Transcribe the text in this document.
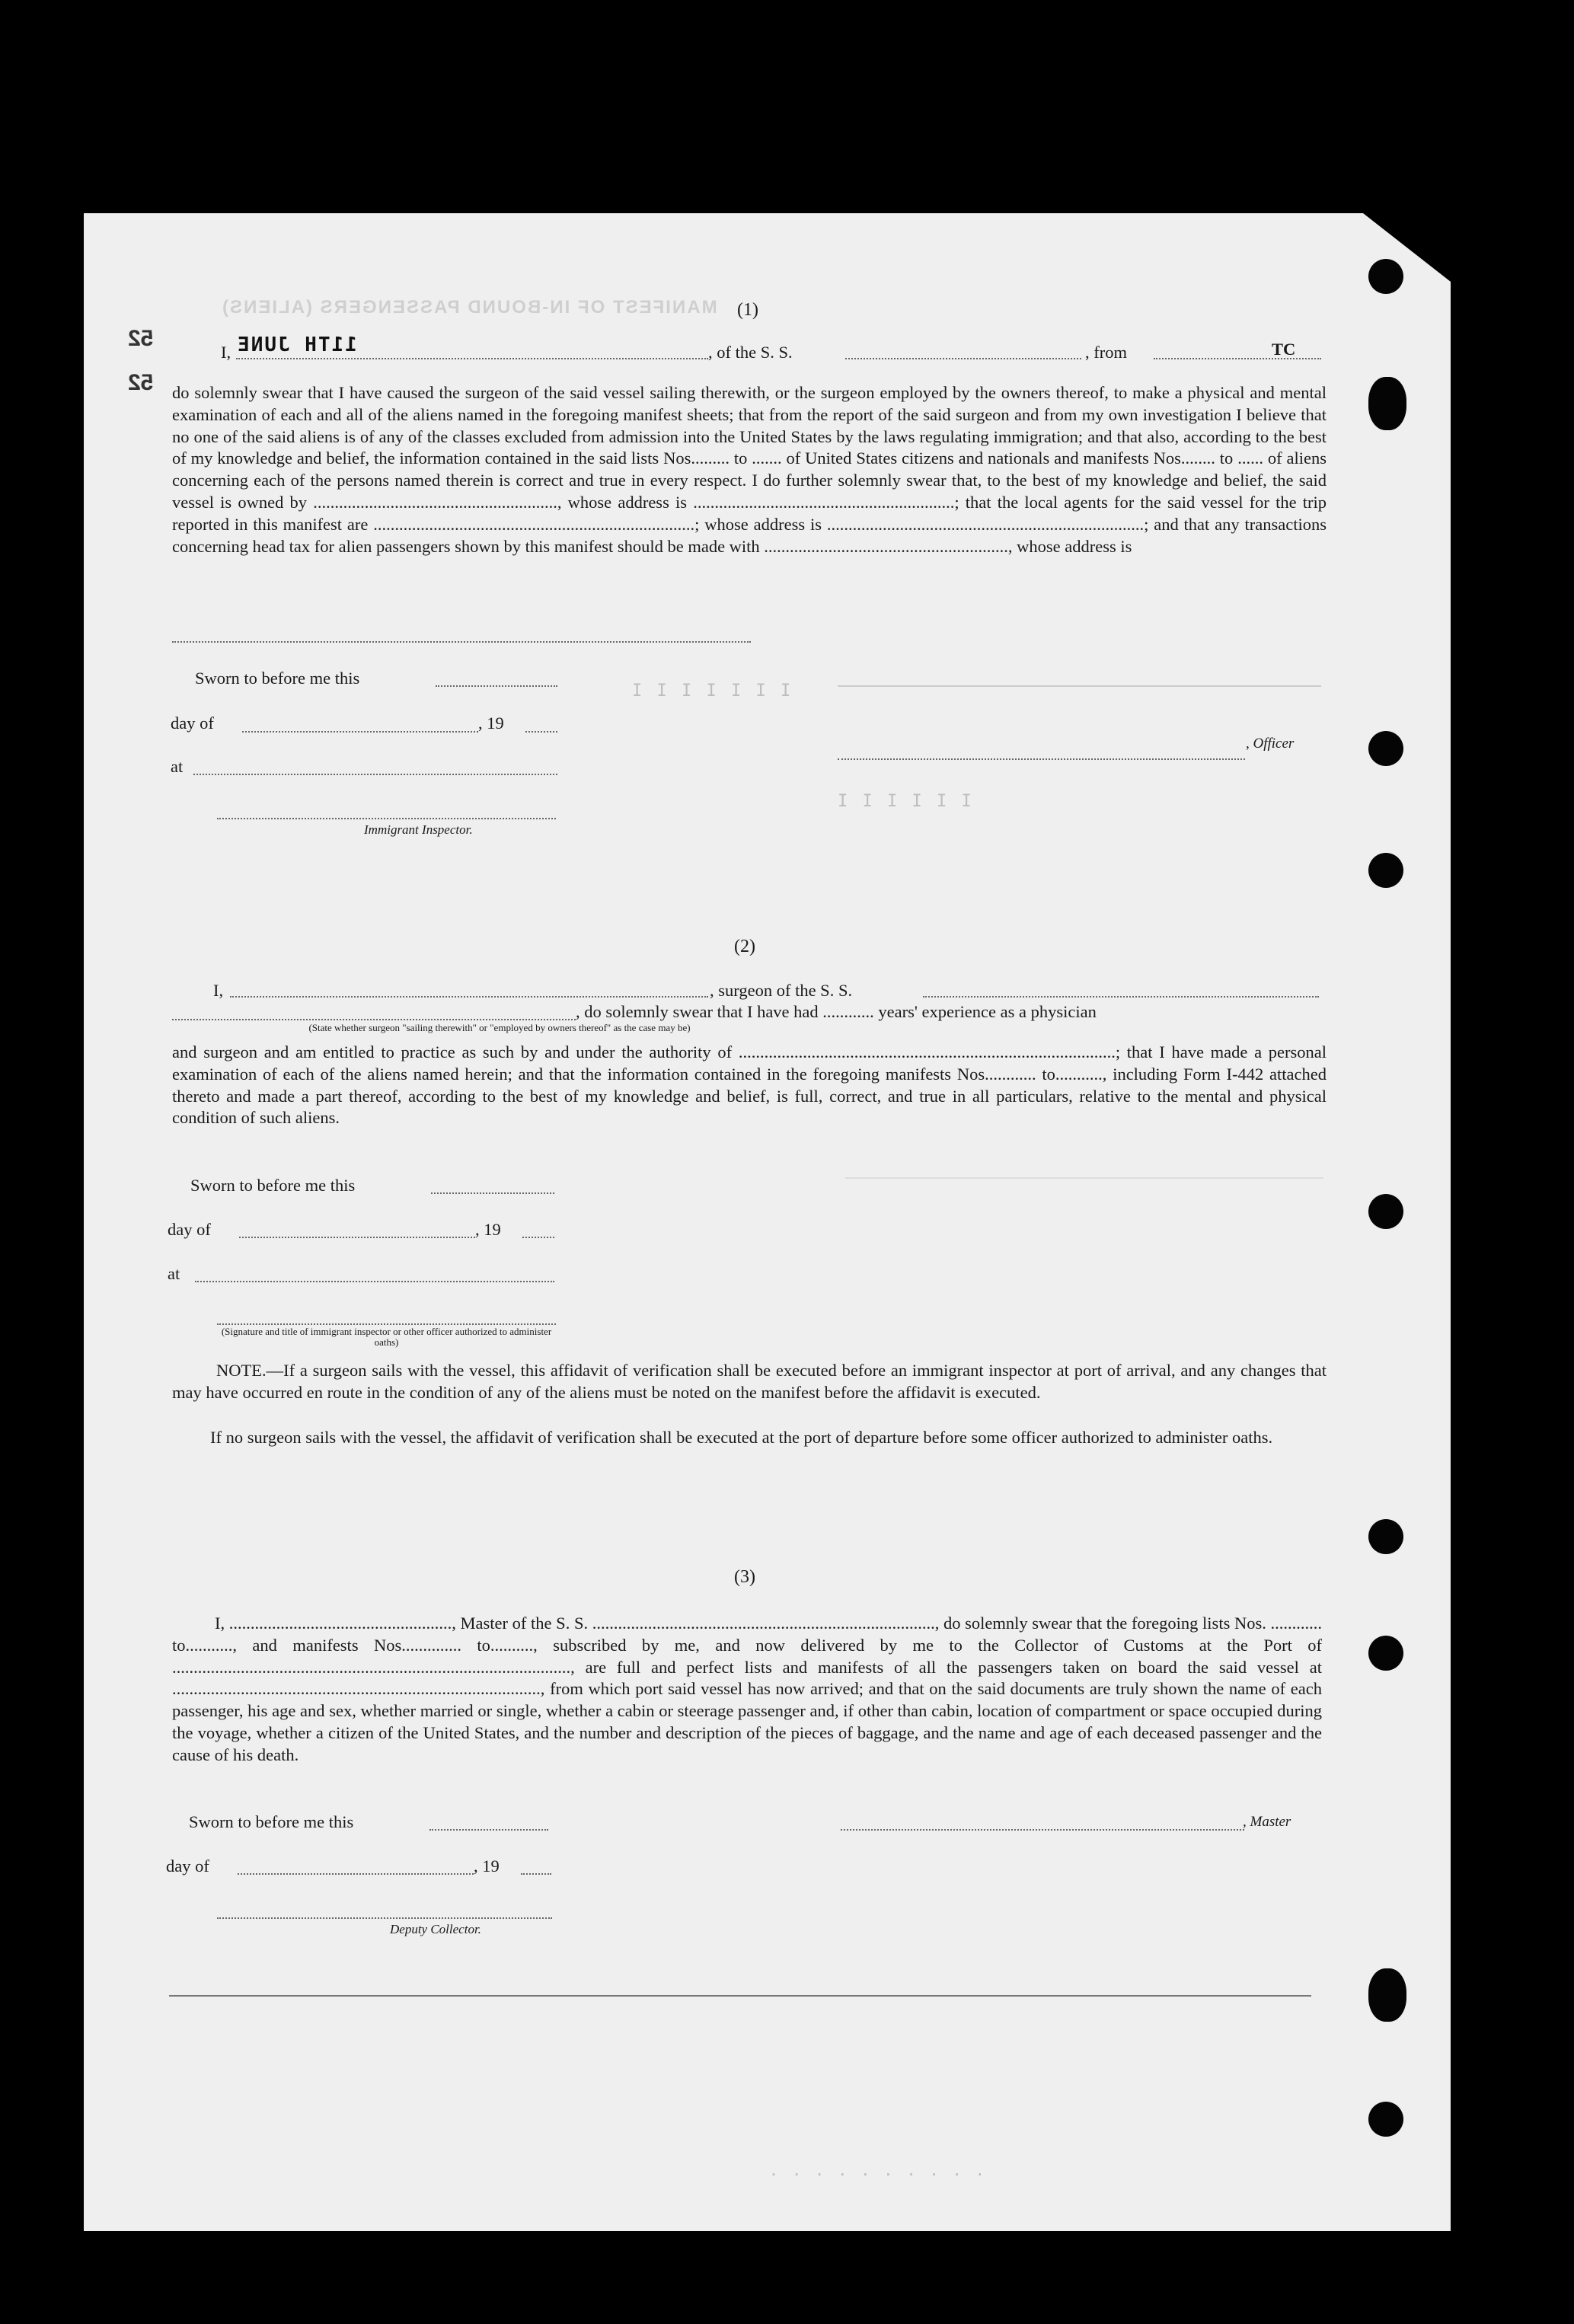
52
52
11TH JUNE
MANIFEST OF IN-BOUND PASSENGERS (ALIENS)
I I I I I I I
I I I I I I
(1)
I,	, of the S. S.	, from	TC
do solemnly swear that I have caused the surgeon of the said vessel sailing therewith, or the surgeon employed by the owners thereof, to make a physical and mental examination of each and all of the aliens named in the foregoing manifest sheets; that from the report of the said surgeon and from my own investigation I believe that no one of the said aliens is of any of the classes excluded from admission into the United States by the laws regulating immigration; and that also, according to the best of my knowledge and belief, the information contained in the said lists Nos......... to ....... of United States citizens and nationals and manifests Nos........ to ...... of aliens concerning each of the persons named therein is correct and true in every respect. I do further solemnly swear that, to the best of my knowledge and belief, the said vessel is owned by ........................................................., whose address is .............................................................; that the local agents for the said vessel for the trip reported in this manifest are ...........................................................................; whose address is ..........................................................................; and that any transactions concerning head tax for alien passengers shown by this manifest should be made with ........................................................., whose address is
Sworn to before me this
day of	, 19
at
, Officer
Immigrant Inspector.
(2)
I,	, surgeon of the S. S.
, do solemnly swear that I have had ............ years' experience as a physician
(State whether surgeon "sailing therewith" or "employed by owners thereof" as the case may be)
and surgeon and am entitled to practice as such by and under the authority of ........................................................................................; that I have made a personal examination of each of the aliens named herein; and that the information contained in the foregoing manifests Nos............ to..........., including Form I-442 attached thereto and made a part thereof, according to the best of my knowledge and belief, is full, correct, and true in all particulars, relative to the mental and physical condition of such aliens.
Sworn to before me this
day of	, 19
at
(Signature and title of immigrant inspector or other officer authorized to administer oaths)
NOTE.—If a surgeon sails with the vessel, this affidavit of verification shall be executed before an immigrant inspector at port of arrival, and any changes that may have occurred en route in the condition of any of the aliens must be noted on the manifest before the affidavit is executed.
If no surgeon sails with the vessel, the affidavit of verification shall be executed at the port of departure before some officer authorized to administer oaths.
(3)
I, ...................................................., Master of the S. S. ................................................................................, do solemnly swear that the foregoing lists Nos. ............ to..........., and manifests Nos.............. to.........., subscribed by me, and now delivered by me to the Collector of Customs at the Port of ............................................................................................., are full and perfect lists and manifests of all the passengers taken on board the said vessel at ......................................................................................, from which port said vessel has now arrived; and that on the said documents are truly shown the name of each passenger, his age and sex, whether married or single, whether a cabin or steerage passenger and, if other than cabin, location of compartment or space occupied during the voyage, whether a citizen of the United States, and the number and description of the pieces of baggage, and the name and age of each deceased passenger and the cause of his death.
Sworn to before me this	, Master
day of	, 19
Deputy Collector.
. . . . . . . . . .
